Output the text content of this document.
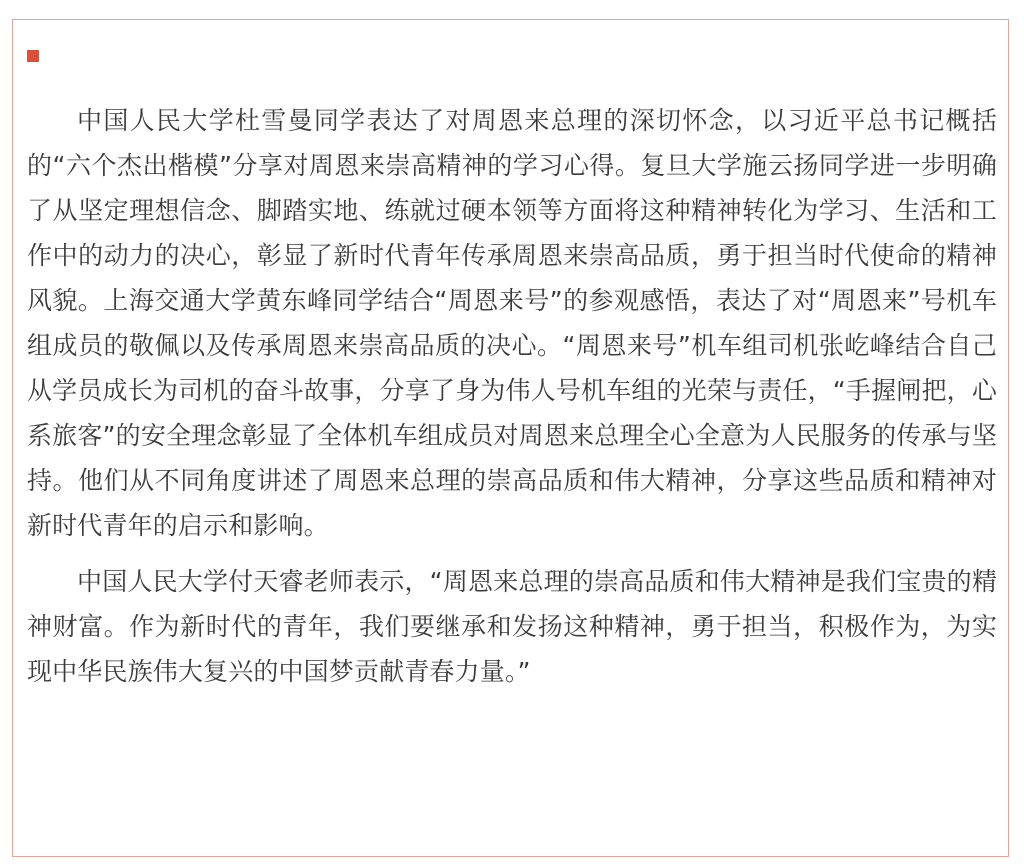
中国人民大学杜雪曼同学表达了对周恩来总理的深切怀念，以习近平总书记概括的“六个杰出楷模”分享对周恩来崇高精神的学习心得。复旦大学施云扬同学进一步明确了从坚定理想信念、脚踏实地、练就过硬本领等方面将这种精神转化为学习、生活和工作中的动力的决心，彰显了新时代青年传承周恩来崇高品质，勇于担当时代使命的精神风貌。上海交通大学黄东峰同学结合“周恩来号”的参观感悟，表达了对“周恩来”号机车组成员的敬佩以及传承周恩来崇高品质的决心。“周恩来号”机车组司机张屹峰结合自己从学员成长为司机的奋斗故事，分享了身为伟人号机车组的光荣与责任，“手握闸把，心系旅客”的安全理念彰显了全体机车组成员对周恩来总理全心全意为人民服务的传承与坚持。他们从不同角度讲述了周恩来总理的崇高品质和伟大精神，分享这些品质和精神对新时代青年的启示和影响。

中国人民大学付天睿老师表示，“周恩来总理的崇高品质和伟大精神是我们宝贵的精神财富。作为新时代的青年，我们要继承和发扬这种精神，勇于担当，积极作为，为实现中华民族伟大复兴的中国梦贡献青春力量。”
